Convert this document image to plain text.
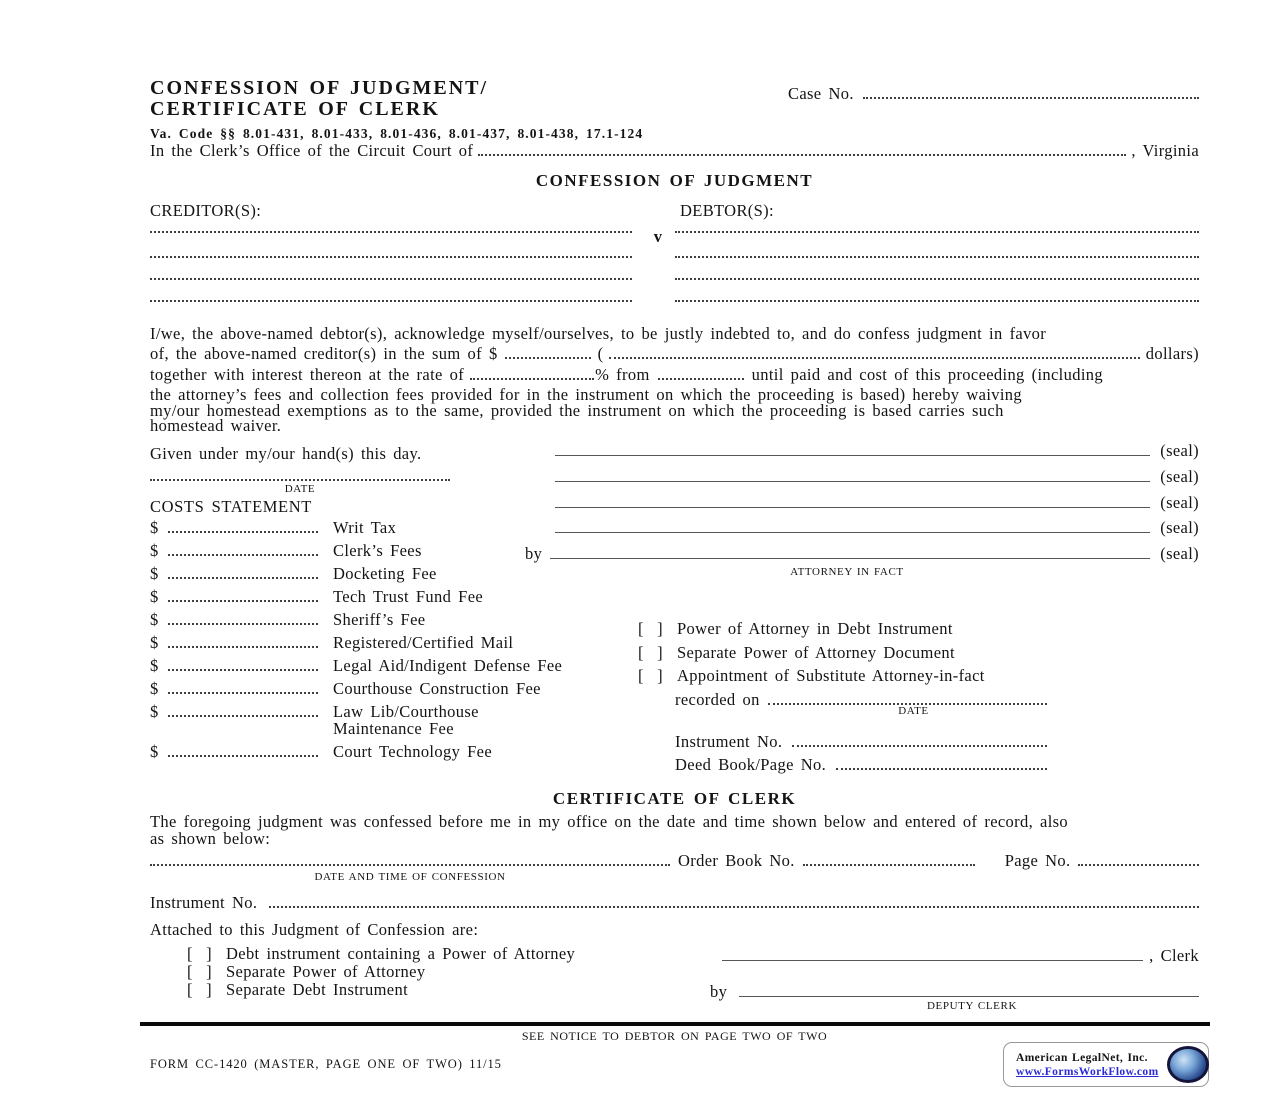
CONFESSION OF JUDGMENT/
CERTIFICATE OF CLERK
Va. Code §§ 8.01-431, 8.01-433, 8.01-436, 8.01-437, 8.01-438, 17.1-124
Case No.
In the Clerk’s Office of the Circuit Court of	, Virginia
CONFESSION OF JUDGMENT
CREDITOR(S):	DEBTOR(S):
v
I/we, the above-named debtor(s), acknowledge myself/ourselves, to be justly indebted to, and do confess judgment in favor
of, the above-named creditor(s) in the sum of $	(	dollars)
together with interest thereon at the rate of	% from	until paid and cost of this proceeding (including
the attorney’s fees and collection fees provided for in the instrument on which the proceeding is based) hereby waiving
my/our homestead exemptions as to the same, provided the instrument on which the proceeding is based carries such
homestead waiver.
Given under my/our hand(s) this day.
DATE
(seal)
(seal)
(seal)
(seal)
by	(seal)
ATTORNEY IN FACT
COSTS STATEMENT
$	Writ Tax
$	Clerk’s Fees
$	Docketing Fee
$	Tech Trust Fund Fee
$	Sheriff’s Fee
$	Registered/Certified Mail
$	Legal Aid/Indigent Defense Fee
$	Courthouse Construction Fee
$	Law Lib/Courthouse
Maintenance Fee
$	Court Technology Fee
[ ] Power of Attorney in Debt Instrument
[ ] Separate Power of Attorney Document
[ ] Appointment of Substitute Attorney-in-fact
recorded on
DATE
Instrument No.
Deed Book/Page No.
CERTIFICATE OF CLERK
The foregoing judgment was confessed before me in my office on the date and time shown below and entered of record, also
as shown below:
Order Book No.	Page No.
DATE AND TIME OF CONFESSION
Instrument No.
Attached to this Judgment of Confession are:
[ ] Debt instrument containing a Power of Attorney
[ ] Separate Power of Attorney
[ ] Separate Debt Instrument
, Clerk
by
DEPUTY CLERK
SEE NOTICE TO DEBTOR ON PAGE TWO OF TWO
FORM CC-1420 (MASTER, PAGE ONE OF TWO) 11/15	American LegalNet, Inc.
www.FormsWorkFlow.com
